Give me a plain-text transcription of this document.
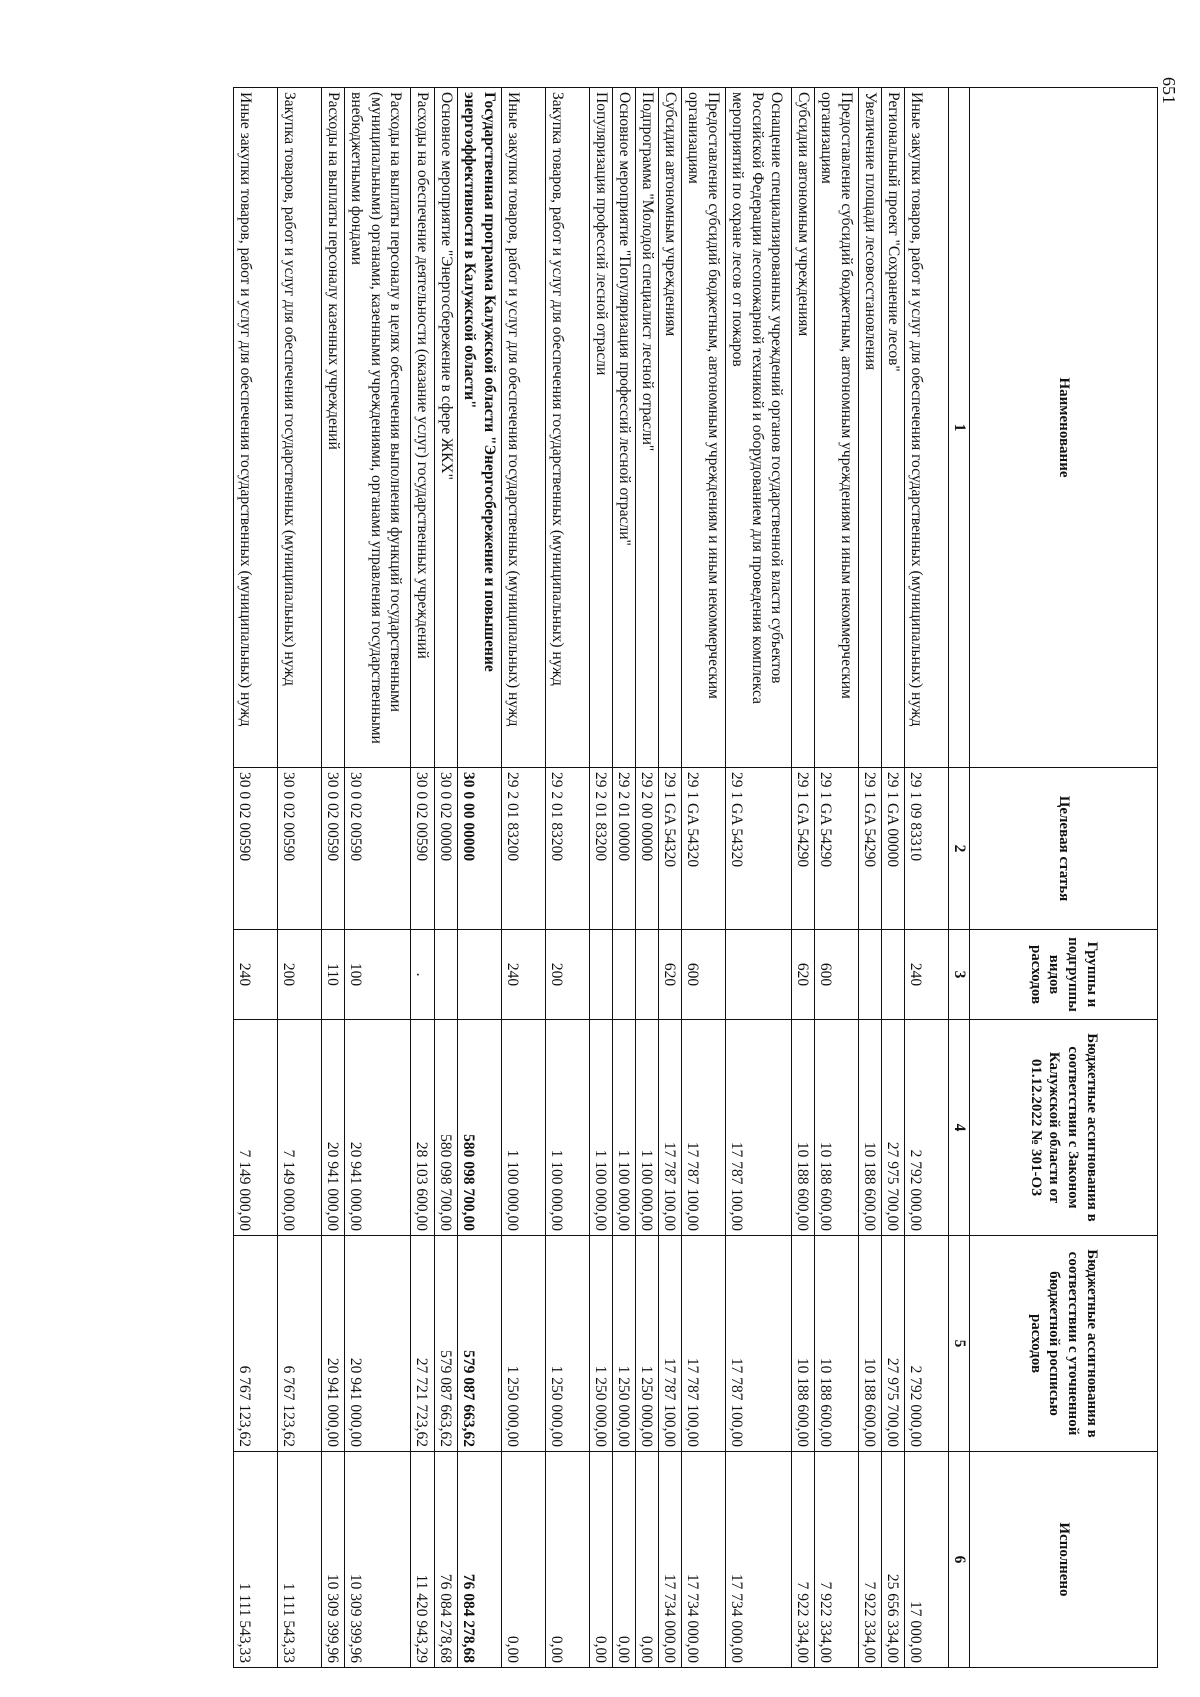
651
Наименование	Целевая статья	Группы и подгруппы видов расходов	Бюджетные ассигнования в соответствии с Законом Калужской области от 01.12.2022 № 301-ОЗ	Бюджетные ассигнования в соответствии с уточненной бюджетной росписью расходов	Исполнено
1	2	3	4	5	6
Иные закупки товаров, работ и услуг для обеспечения государственных (муниципальных) нужд	29 1 09 83310	240	2 792 000,00	2 792 000,00	17 000,00
Региональный проект "Сохранение лесов"	29 1 GA 00000		27 975 700,00	27 975 700,00	25 656 334,00
Увеличение площади лесовосстановления	29 1 GA 54290		10 188 600,00	10 188 600,00	7 922 334,00
Предоставление субсидий бюджетным, автономным учреждениям и иным некоммерческим организациям	29 1 GA 54290	600	10 188 600,00	10 188 600,00	7 922 334,00
Субсидии автономным учреждениям	29 1 GA 54290	620	10 188 600,00	10 188 600,00	7 922 334,00
Оснащение специализированных учреждений органов государственной власти субъектов Российской Федерации лесопожарной техникой и оборудованием для проведения комплекса мероприятий по охране лесов от пожаров	29 1 GA 54320		17 787 100,00	17 787 100,00	17 734 000,00
Предоставление субсидий бюджетным, автономным учреждениям и иным некоммерческим организациям	29 1 GA 54320	600	17 787 100,00	17 787 100,00	17 734 000,00
Субсидии автономным учреждениям	29 1 GA 54320	620	17 787 100,00	17 787 100,00	17 734 000,00
Подпрограмма "Молодой специалист лесной отрасли"	29 2 00 00000		1 100 000,00	1 250 000,00	0,00
Основное мероприятие "Популяризация профессий лесной отрасли"	29 2 01 00000		1 100 000,00	1 250 000,00	0,00
Популяризация профессий лесной отрасли	29 2 01 83200		1 100 000,00	1 250 000,00	0,00
Закупка товаров, работ и услуг для обеспечения государственных (муниципальных) нужд	29 2 01 83200	200	1 100 000,00	1 250 000,00	0,00
Иные закупки товаров, работ и услуг для обеспечения государственных (муниципальных) нужд	29 2 01 83200	240	1 100 000,00	1 250 000,00	0,00
Государственная программа Калужской области "Энергосбережение и повышение энергоэффективности в Калужской области"	30 0 00 00000		580 098 700,00	579 087 663,62	76 084 278,68
Основное мероприятие "Энергосбережение в сфере ЖКХ"	30 0 02 00000		580 098 700,00	579 087 663,62	76 084 278,68
Расходы на обеспечение деятельности (оказание услуг) государственных учреждений	30 0 02 00590	.	28 103 600,00	27 721 723,62	11 420 943,29
Расходы на выплаты персоналу в целях обеспечения выполнения функций государственными (муниципальными) органами, казенными учреждениями, органами управления государственными внебюджетными фондами	30 0 02 00590	100	20 941 000,00	20 941 000,00	10 309 399,96
Расходы на выплаты персоналу казенных учреждений	30 0 02 00590	110	20 941 000,00	20 941 000,00	10 309 399,96
Закупка товаров, работ и услуг для обеспечения государственных (муниципальных) нужд	30 0 02 00590	200	7 149 000,00	6 767 123,62	1 111 543,33
Иные закупки товаров, работ и услуг для обеспечения государственных (муниципальных) нужд	30 0 02 00590	240	7 149 000,00	6 767 123,62	1 111 543,33
